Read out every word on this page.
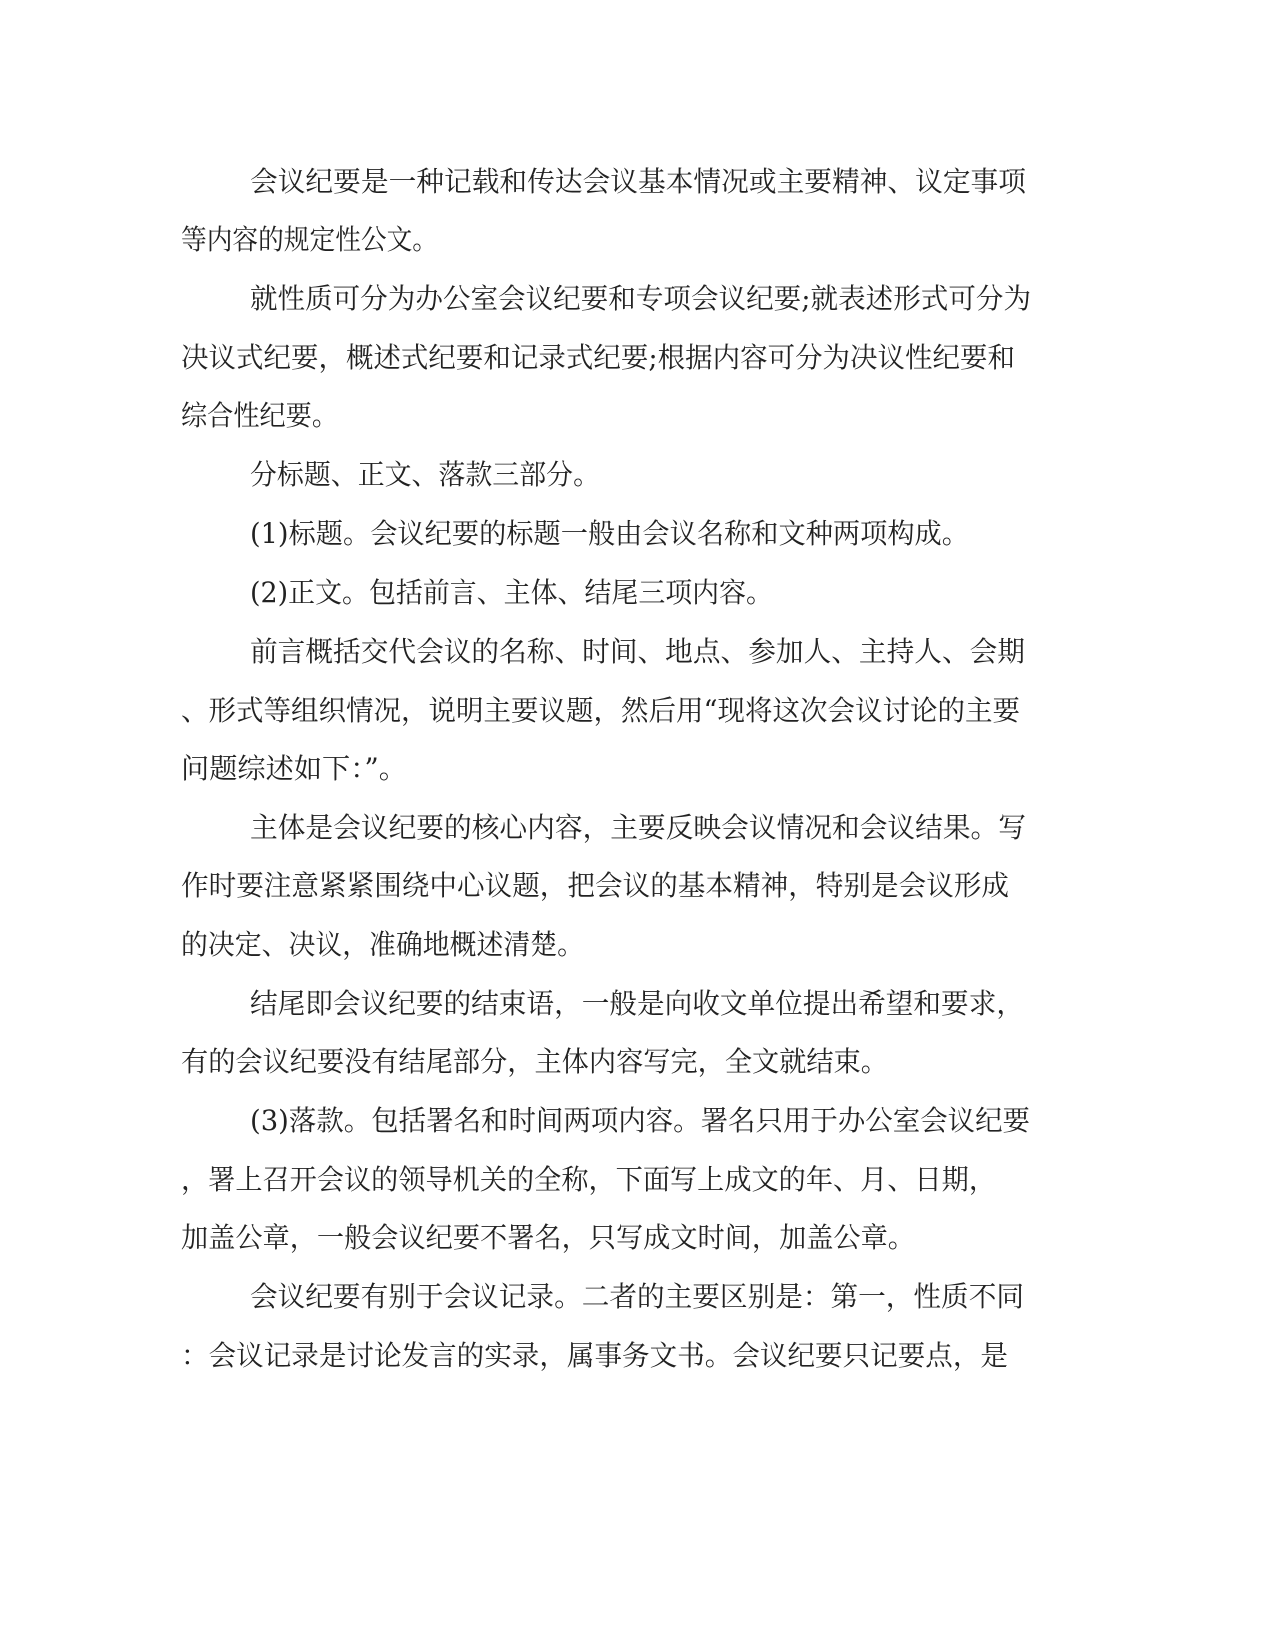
会议纪要是一种记载和传达会议基本情况或主要精神、议定事项
等内容的规定性公文。
就性质可分为办公室会议纪要和专项会议纪要;就表述形式可分为
决议式纪要，概述式纪要和记录式纪要;根据内容可分为决议性纪要和
综合性纪要。
分标题、正文、落款三部分。
(1)标题。会议纪要的标题一般由会议名称和文种两项构成。
(2)正文。包括前言、主体、结尾三项内容。
前言概括交代会议的名称、时间、地点、参加人、主持人、会期
、形式等组织情况，说明主要议题，然后用“现将这次会议讨论的主要
问题综述如下：”。
主体是会议纪要的核心内容，主要反映会议情况和会议结果。写
作时要注意紧紧围绕中心议题，把会议的基本精神，特别是会议形成
的决定、决议，准确地概述清楚。
结尾即会议纪要的结束语，一般是向收文单位提出希望和要求，
有的会议纪要没有结尾部分，主体内容写完，全文就结束。
(3)落款。包括署名和时间两项内容。署名只用于办公室会议纪要
，署上召开会议的领导机关的全称，下面写上成文的年、月、日期，
加盖公章，一般会议纪要不署名，只写成文时间，加盖公章。
会议纪要有别于会议记录。二者的主要区别是：第一，性质不同
：会议记录是讨论发言的实录，属事务文书。会议纪要只记要点，是
